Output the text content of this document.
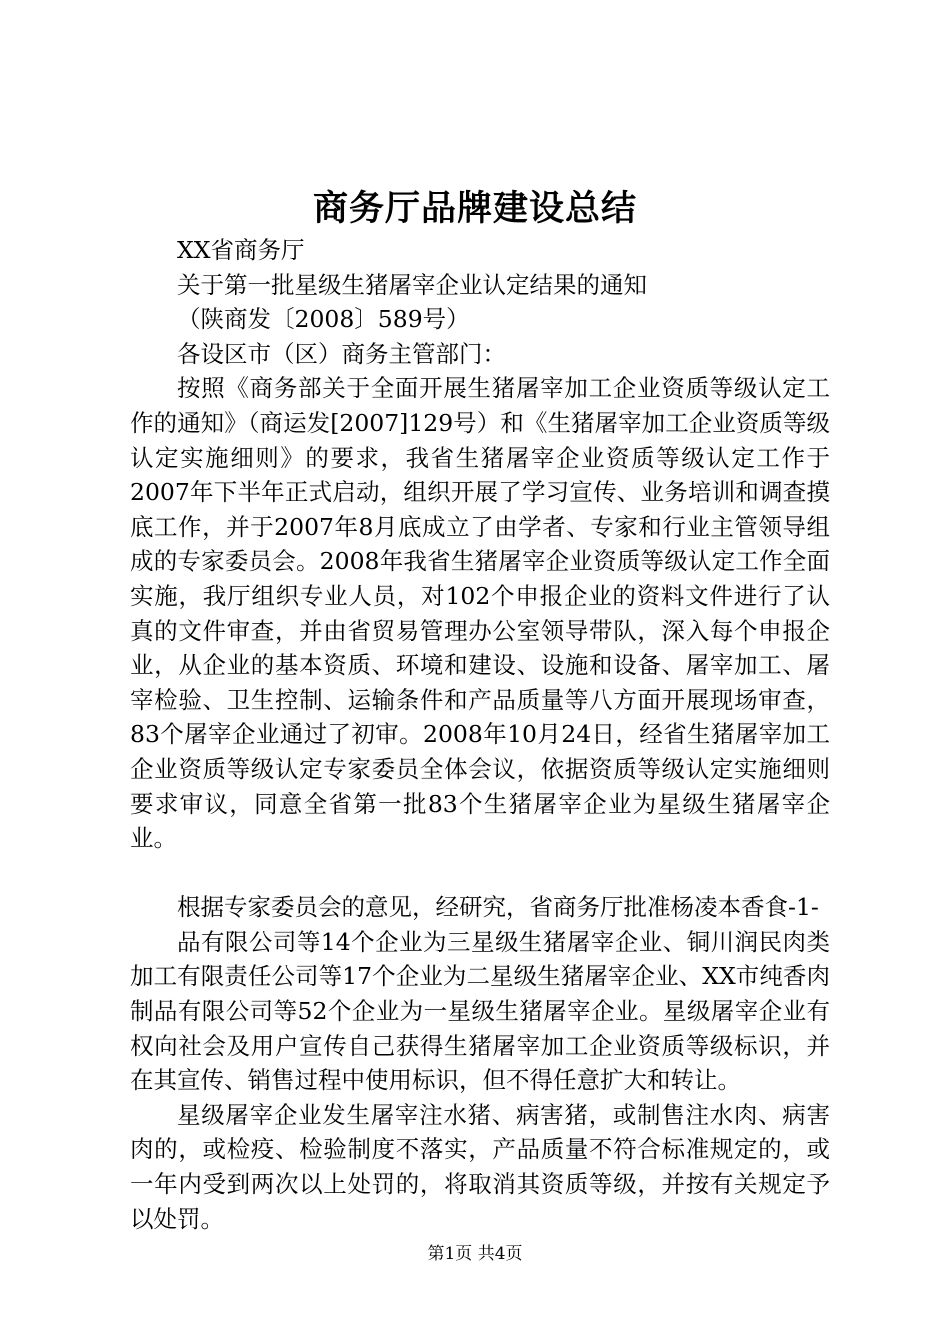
商务厅品牌建设总结

XX省商务厅

关于第一批星级生猪屠宰企业认定结果的通知

（陕商发〔2008〕589号）

各设区市（区）商务主管部门：

按照《商务部关于全面开展生猪屠宰加工企业资质等级认定工作的通知》（商运发[2007]129号）和《生猪屠宰加工企业资质等级认定实施细则》的要求，我省生猪屠宰企业资质等级认定工作于2007年下半年正式启动，组织开展了学习宣传、业务培训和调查摸底工作，并于2007年8月底成立了由学者、专家和行业主管领导组成的专家委员会。2008年我省生猪屠宰企业资质等级认定工作全面实施，我厅组织专业人员，对102个申报企业的资料文件进行了认真的文件审查，并由省贸易管理办公室领导带队，深入每个申报企业，从企业的基本资质、环境和建设、设施和设备、屠宰加工、屠宰检验、卫生控制、运输条件和产品质量等八方面开展现场审查，83个屠宰企业通过了初审。2008年10月24日，经省生猪屠宰加工企业资质等级认定专家委员全体会议，依据资质等级认定实施细则要求审议，同意全省第一批83个生猪屠宰企业为星级生猪屠宰企业。

根据专家委员会的意见，经研究，省商务厅批准杨凌本香食-1-

品有限公司等14个企业为三星级生猪屠宰企业、铜川润民肉类加工有限责任公司等17个企业为二星级生猪屠宰企业、XX市纯香肉制品有限公司等52个企业为一星级生猪屠宰企业。星级屠宰企业有权向社会及用户宣传自己获得生猪屠宰加工企业资质等级标识，并在其宣传、销售过程中使用标识，但不得任意扩大和转让。

星级屠宰企业发生屠宰注水猪、病害猪，或制售注水肉、病害肉的，或检疫、检验制度不落实，产品质量不符合标准规定的，或一年内受到两次以上处罚的，将取消其资质等级，并按有关规定予以处罚。

第1页 共4页
